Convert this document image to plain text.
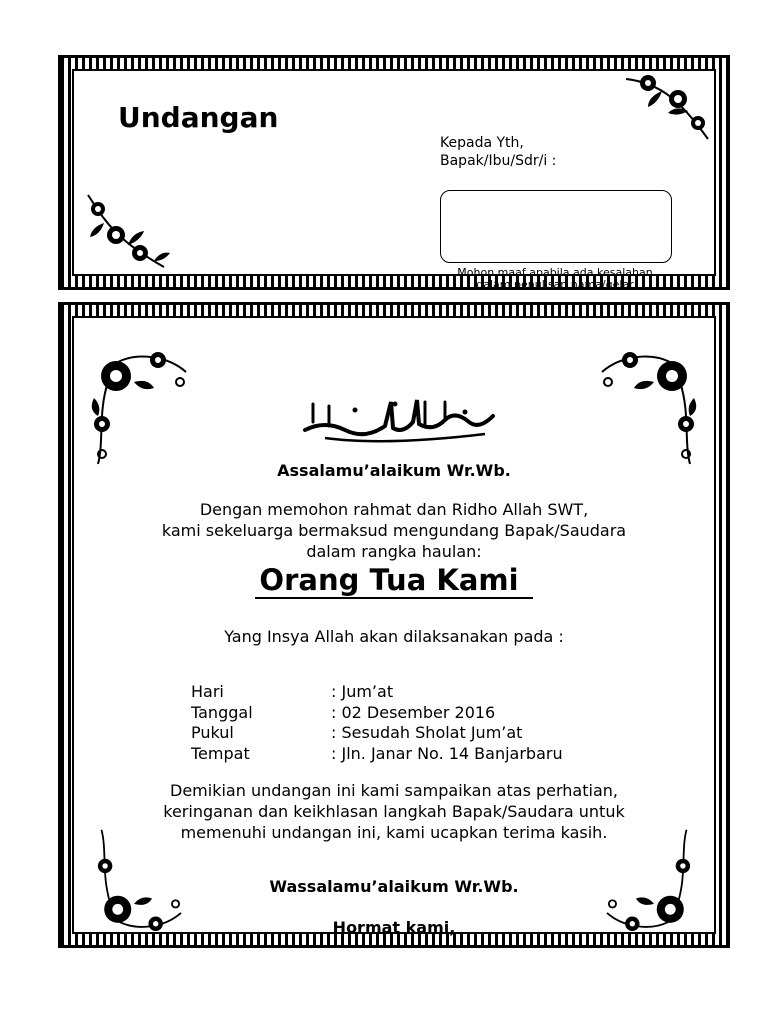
Undangan
Kepada Yth,
Bapak/Ibu/Sdr/i :
Mohon maaf apabila ada kesalahan dalam penulisan nama/gelar
Assalamu’alaikum Wr.Wb.
Dengan memohon rahmat dan Ridho Allah SWT,
kami sekeluarga bermaksud mengundang Bapak/Saudara
dalam rangka haulan:
Orang Tua Kami
Yang Insya Allah akan dilaksanakan pada :
Hari	: Jum’at
Tanggal	: 02 Desember 2016
Pukul	: Sesudah Sholat Jum’at
Tempat	: Jln. Janar No. 14 Banjarbaru
Demikian undangan ini kami sampaikan atas perhatian,
keringanan dan keikhlasan langkah Bapak/Saudara untuk
memenuhi undangan ini, kami ucapkan terima kasih.
Wassalamu’alaikum Wr.Wb.
Hormat kami,
